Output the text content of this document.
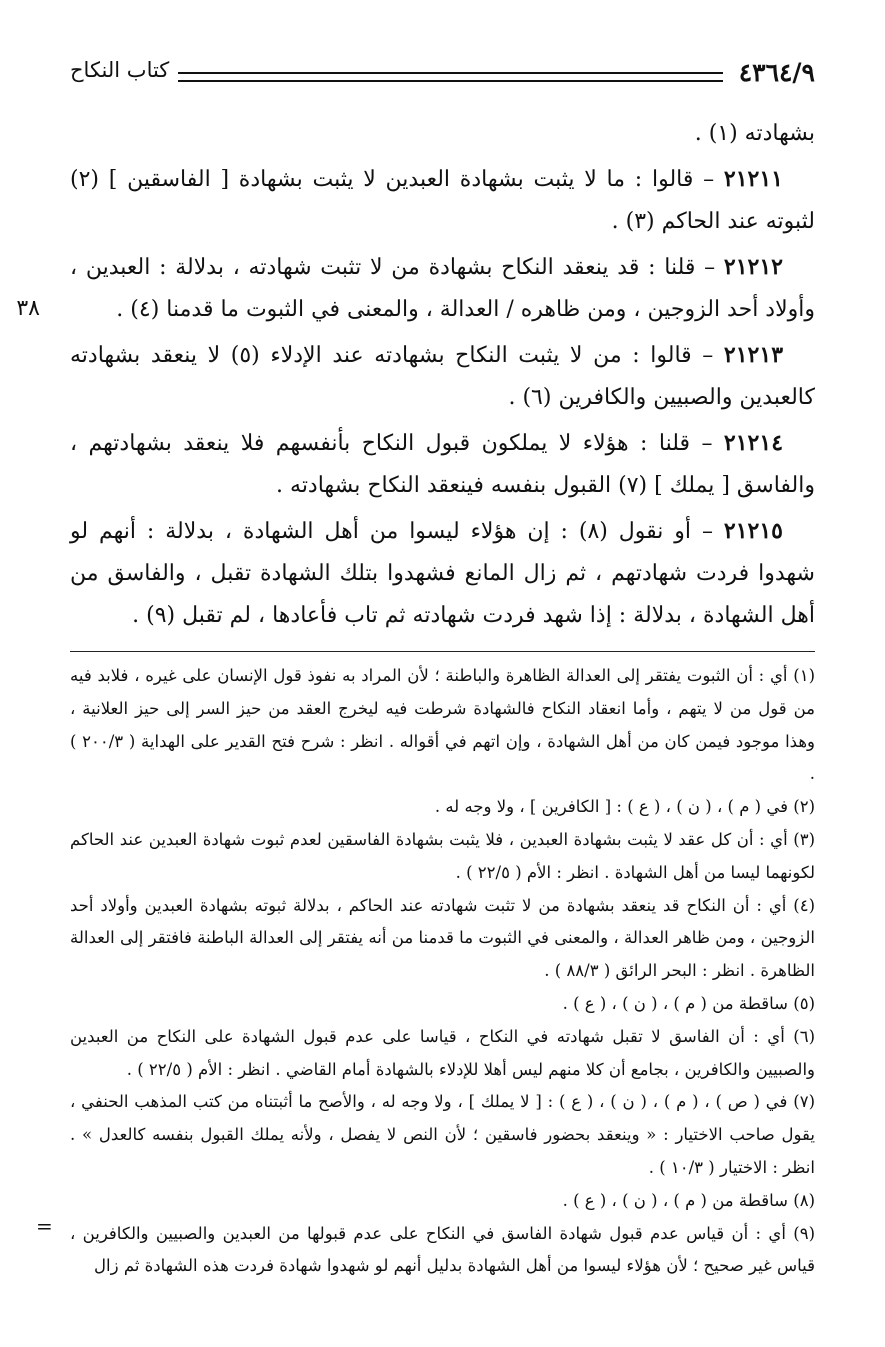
٤٣٦٤/٩
كتاب النكاح
٣٨

بشهادته (١) .

٢١٢١١ – قالوا : ما لا يثبت بشهادة العبدين لا يثبت بشهادة [ الفاسقين ] (٢) لثبوته عند الحاكم (٣) .

٢١٢١٢ – قلنا : قد ينعقد النكاح بشهادة من لا تثبت شهادته ، بدلالة : العبدين ، وأولاد أحد الزوجين ، ومن ظاهره / العدالة ، والمعنى في الثبوت ما قدمنا (٤) .

٢١٢١٣ – قالوا : من لا يثبت النكاح بشهادته عند الإدلاء (٥) لا ينعقد بشهادته كالعبدين والصبيين والكافرين (٦) .

٢١٢١٤ – قلنا : هؤلاء لا يملكون قبول النكاح بأنفسهم فلا ينعقد بشهادتهم ، والفاسق [ يملك ] (٧) القبول بنفسه فينعقد النكاح بشهادته .

٢١٢١٥ – أو نقول (٨) : إن هؤلاء ليسوا من أهل الشهادة ، بدلالة : أنهم لو شهدوا فردت شهادتهم ، ثم زال المانع فشهدوا بتلك الشهادة تقبل ، والفاسق من أهل الشهادة ، بدلالة : إذا شهد فردت شهادته ثم تاب فأعادها ، لم تقبل (٩) .

(١) أي : أن الثبوت يفتقر إلى العدالة الظاهرة والباطنة ؛ لأن المراد به نفوذ قول الإنسان على غيره ، فلابد فيه من قول من لا يتهم ، وأما انعقاد النكاح فالشهادة شرطت فيه ليخرج العقد من حيز السر إلى حيز العلانية ، وهذا موجود فيمن كان من أهل الشهادة ، وإن اتهم في أقواله . انظر : شرح فتح القدير على الهداية ( ٢٠٠/٣ ) .

(٢) في ( م ) ، ( ن ) ، ( ع ) : [ الكافرين ] ، ولا وجه له .

(٣) أي : أن كل عقد لا يثبت بشهادة العبدين ، فلا يثبت بشهادة الفاسقين لعدم ثبوت شهادة العبدين عند الحاكم لكونهما ليسا من أهل الشهادة . انظر : الأم ( ٢٢/٥ ) .

(٤) أي : أن النكاح قد ينعقد بشهادة من لا تثبت شهادته عند الحاكم ، بدلالة ثبوته بشهادة العبدين وأولاد أحد الزوجين ، ومن ظاهر العدالة ، والمعنى في الثبوت ما قدمنا من أنه يفتقر إلى العدالة الباطنة فافتقر إلى العدالة الظاهرة . انظر : البحر الرائق ( ٨٨/٣ ) .

(٥) ساقطة من ( م ) ، ( ن ) ، ( ع ) .

(٦) أي : أن الفاسق لا تقبل شهادته في النكاح ، قياسا على عدم قبول الشهادة على النكاح من العبدين والصبيين والكافرين ، بجامع أن كلا منهم ليس أهلا للإدلاء بالشهادة أمام القاضي . انظر : الأم ( ٢٢/٥ ) .

(٧) في ( ص ) ، ( م ) ، ( ن ) ، ( ع ) : [ لا يملك ] ، ولا وجه له ، والأصح ما أثبتناه من كتب المذهب الحنفي ، يقول صاحب الاختيار : « وينعقد بحضور فاسقين ؛ لأن النص لا يفصل ، ولأنه يملك القبول بنفسه كالعدل » . انظر : الاختيار ( ١٠/٣ ) .

(٨) ساقطة من ( م ) ، ( ن ) ، ( ع ) .

(٩) أي : أن قياس عدم قبول شهادة الفاسق في النكاح على عدم قبولها من العبدين والصبيين والكافرين ، قياس غير صحيح ؛ لأن هؤلاء ليسوا من أهل الشهادة بدليل أنهم لو شهدوا شهادة فردت هذه الشهادة ثم زال

=
